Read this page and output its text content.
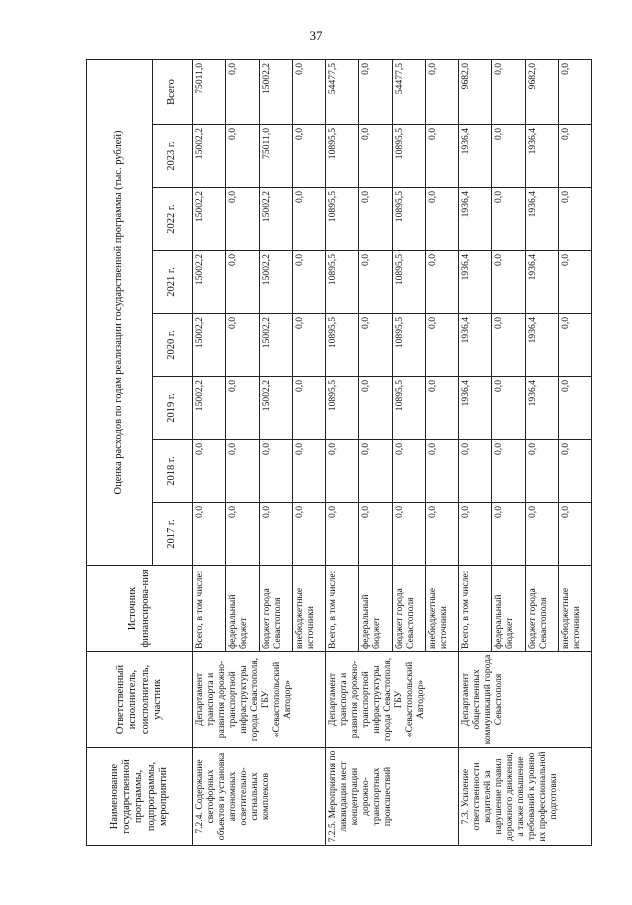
37
Наименование государственной программы, подпрограммы, мероприятий	Ответственный исполнитель, соисполнитель, участник	Источник финансирова-ния	Оценка расходов по годам реализации государственной программы (тыс. рублей)							
			2017 г.	2018 г.	2019 г.	2020 г.	2021 г.	2022 г.	2023 г.	Всего
7.2.4. Содержание светофорных объектов и установка автономных осветительно-сигнальных комплексов	Департамент транспорта и развития дорожно-транспортной инфраструктуры города Севастополя, ГБУ «Севастопольский Автодор»	Всего, в том числе:	0,0	0,0	15002,2	15002,2	15002,2	15002,2	15002,2	75011,0
		федеральный бюджет	0,0	0,0	0,0	0,0	0,0	0,0	0,0	0,0
		бюджет города Севастополя	0,0	0,0	15002,2	15002,2	15002,2	15002,2	75011,0	15002,2
		внебюджетные источники	0,0	0,0	0,0	0,0	0,0	0,0	0,0	0,0
7.2.5. Мероприятия по ликвидации мест концентрации дорожно-транспортных происшествий	Департамент транспорта и развития дорожно-транспортной инфраструктуры города Севастополя, ГБУ «Севастопольский Автодор»	Всего, в том числе:	0,0	0,0	10895,5	10895,5	10895,5	10895,5	10895,5	54477,5
		федеральный бюджет	0,0	0,0	0,0	0,0	0,0	0,0	0,0	0,0
		бюджет города Севастополя	0,0	0,0	10895,5	10895,5	10895,5	10895,5	10895,5	54477,5
		внебюджетные источники	0,0	0,0	0,0	0,0	0,0	0,0	0,0	0,0
7.3. Усиление ответственности водителей за нарушение правил дорожного движения, а также повышение требований к уровню их профессиональной подготовки	Департамент общественных коммуникаций города Севастополя	Всего, в том числе:	0,0	0,0	1936,4	1936,4	1936,4	1936,4	1936,4	9682,0
		федеральный бюджет	0,0	0,0	0,0	0,0	0,0	0,0	0,0	0,0
		бюджет города Севастополя	0,0	0,0	1936,4	1936,4	1936,4	1936,4	1936,4	9682,0
		внебюджетные источники	0,0	0,0	0,0	0,0	0,0	0,0	0,0	0,0
